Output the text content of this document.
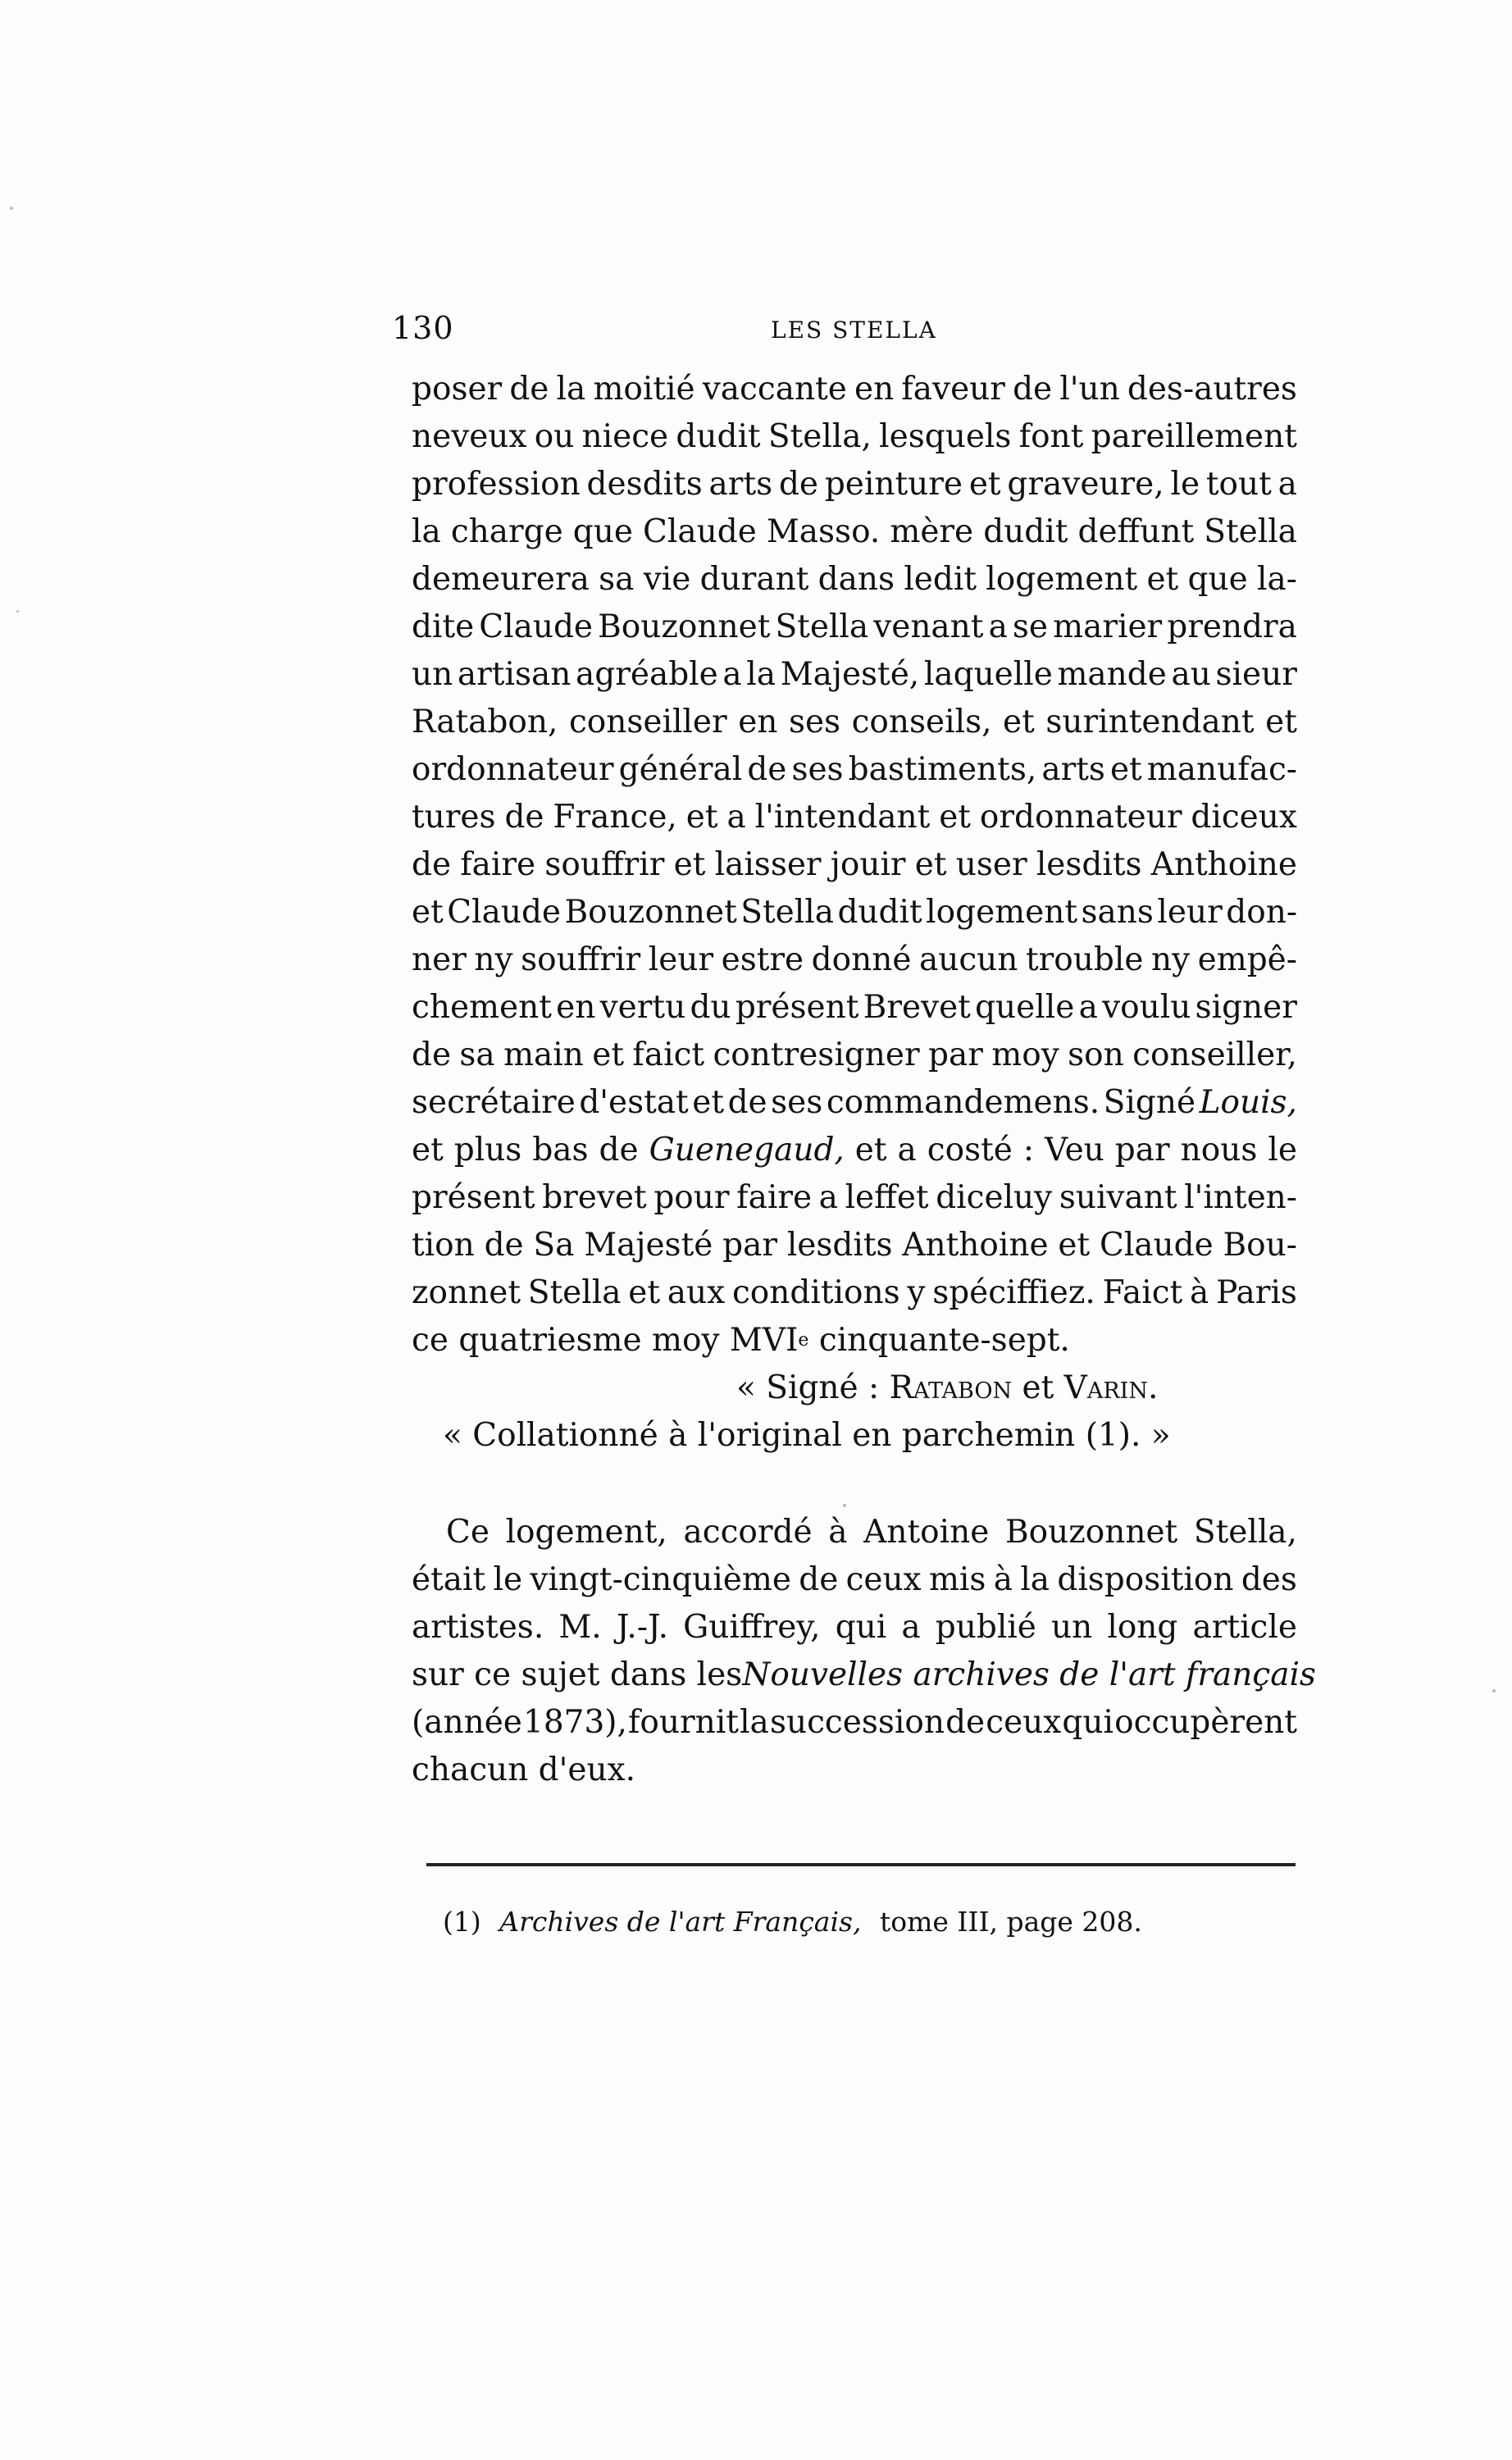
130	LES STELLA
poser de la moitié vaccante en faveur de l'un des-autres
neveux ou niece dudit Stella, lesquels font pareillement
profession desdits arts de peinture et graveure, le tout a
la charge que Claude Masso. mère dudit deffunt Stella
demeurera sa vie durant dans ledit logement et que la-
dite Claude Bouzonnet Stella venant a se marier prendra
un artisan agréable a la Majesté, laquelle mande au sieur
Ratabon, conseiller en ses conseils, et surintendant et
ordonnateur général de ses bastiments, arts et manufac-
tures de France, et a l'intendant et ordonnateur diceux
de faire souffrir et laisser jouir et user lesdits Anthoine
et Claude Bouzonnet Stella dudit logement sans leur don-
ner ny souffrir leur estre donné aucun trouble ny empê-
chement en vertu du présent Brevet quelle a voulu signer
de sa main et faict contresigner par moy son conseiller,
secrétaire d'estat et de ses commandemens. Signé Louis,
et plus bas de Guenegaud, et a costé : Veu par nous le
présent brevet pour faire a leffet diceluy suivant l'inten-
tion de Sa Majesté par lesdits Anthoine et Claude Bou-
zonnet Stella et aux conditions y spéciffiez. Faict à Paris
ce quatriesme moy
MVI e
cinquante-sept.
« Signé : Ratabon et Varin.
« Collationné à l'original en parchemin (1). »
Ce logement, accordé à Antoine Bouzonnet Stella,
était le vingt-cinquième de ceux mis à la disposition des
artistes. M. J.-J. Guiffrey, qui a publié un long article
sur ce sujet dans les Nouvelles archives de l'art français
(année 1873), fournit la succession de ceux qui occupèrent
chacun d'eux.
(1) Archives de l'art Français, tome III, page 208.
